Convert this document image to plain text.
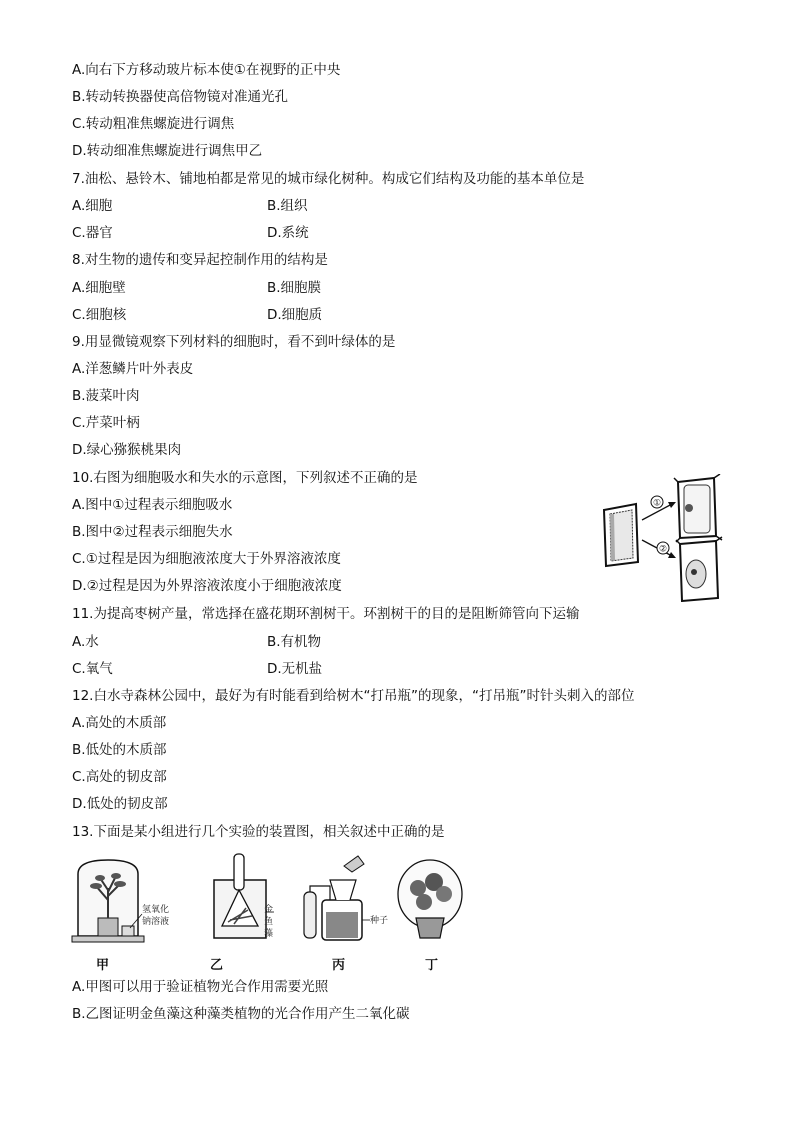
A.向右下方移动玻片标本使①在视野的正中央
B.转动转换器使高倍物镜对准通光孔
C.转动粗准焦螺旋进行调焦
D.转动细准焦螺旋进行调焦甲乙
7.油松、悬铃木、铺地柏都是常见的城市绿化树种。构成它们结构及功能的基本单位是
A.细胞	B.组织
C.器官	D.系统
8.对生物的遗传和变异起控制作用的结构是
A.细胞壁	B.细胞膜
C.细胞核	D.细胞质
9.用显微镜观察下列材料的细胞时，看不到叶绿体的是
A.洋葱鳞片叶外表皮
B.菠菜叶肉
C.芹菜叶柄
D.绿心猕猴桃果肉
10.右图为细胞吸水和失水的示意图，下列叙述不正确的是
A.图中①过程表示细胞吸水
B.图中②过程表示细胞失水
C.①过程是因为细胞液浓度大于外界溶液浓度
D.②过程是因为外界溶液浓度小于细胞液浓度
①
②
11.为提高枣树产量，常选择在盛花期环割树干。环割树干的目的是阻断筛管向下运输
A.水	B.有机物
C.氧气	D.无机盐
12.白水寺森林公园中，最好为有时能看到给树木“打吊瓶”的现象，“打吊瓶”时针头刺入的部位
A.高处的木质部
B.低处的木质部
C.高处的韧皮部
D.低处的韧皮部
13.下面是某小组进行几个实验的装置图，相关叙述中正确的是
氢氧化
钠溶液
金
鱼
藻
种子
甲	乙	丙	丁
A.甲图可以用于验证植物光合作用需要光照
B.乙图证明金鱼藻这种藻类植物的光合作用产生二氧化碳
